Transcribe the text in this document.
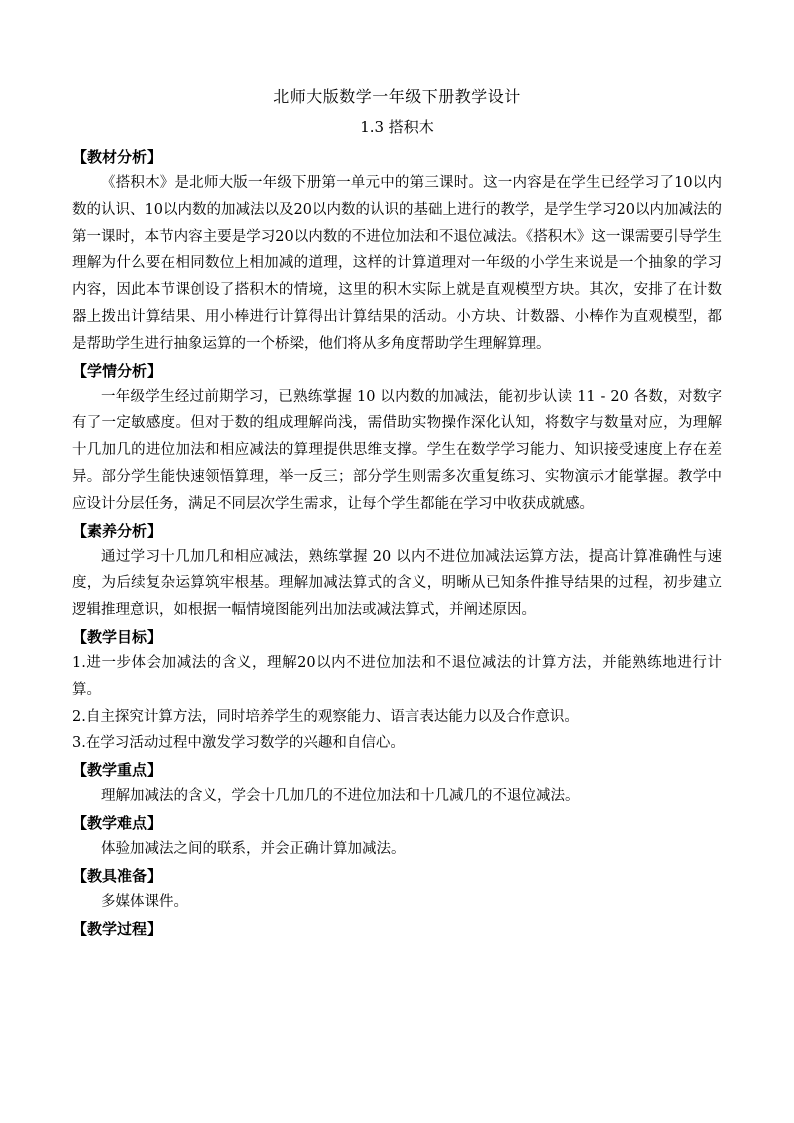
北师大版数学一年级下册教学设计
1.3 搭积木

【教材分析】

《搭积木》是北师大版一年级下册第一单元中的第三课时。这一内容是在学生已经学习了10以内数的认识、10以内数的加减法以及20以内数的认识的基础上进行的教学，是学生学习20以内加减法的第一课时，本节内容主要是学习20以内数的不进位加法和不退位减法。《搭积木》这一课需要引导学生理解为什么要在相同数位上相加减的道理，这样的计算道理对一年级的小学生来说是一个抽象的学习内容，因此本节课创设了搭积木的情境，这里的积木实际上就是直观模型方块。其次，安排了在计数器上拨出计算结果、用小棒进行计算得出计算结果的活动。小方块、计数器、小棒作为直观模型，都是帮助学生进行抽象运算的一个桥梁，他们将从多角度帮助学生理解算理。

【学情分析】

一年级学生经过前期学习，已熟练掌握 10 以内数的加减法，能初步认读 11 - 20 各数，对数字有了一定敏感度。但对于数的组成理解尚浅，需借助实物操作深化认知，将数字与数量对应，为理解十几加几的进位加法和相应减法的算理提供思维支撑。学生在数学学习能力、知识接受速度上存在差异。部分学生能快速领悟算理，举一反三；部分学生则需多次重复练习、实物演示才能掌握。教学中应设计分层任务，满足不同层次学生需求，让每个学生都能在学习中收获成就感。

【素养分析】

通过学习十几加几和相应减法，熟练掌握 20 以内不进位加减法运算方法，提高计算准确性与速度，为后续复杂运算筑牢根基。理解加减法算式的含义，明晰从已知条件推导结果的过程，初步建立逻辑推理意识，如根据一幅情境图能列出加法或减法算式，并阐述原因。

【教学目标】

1.进一步体会加减法的含义，理解20以内不进位加法和不退位减法的计算方法，并能熟练地进行计算。

2.自主探究计算方法，同时培养学生的观察能力、语言表达能力以及合作意识。

3.在学习活动过程中激发学习数学的兴趣和自信心。

【教学重点】

理解加减法的含义，学会十几加几的不进位加法和十几减几的不退位减法。

【教学难点】

体验加减法之间的联系，并会正确计算加减法。

【教具准备】

多媒体课件。

【教学过程】
